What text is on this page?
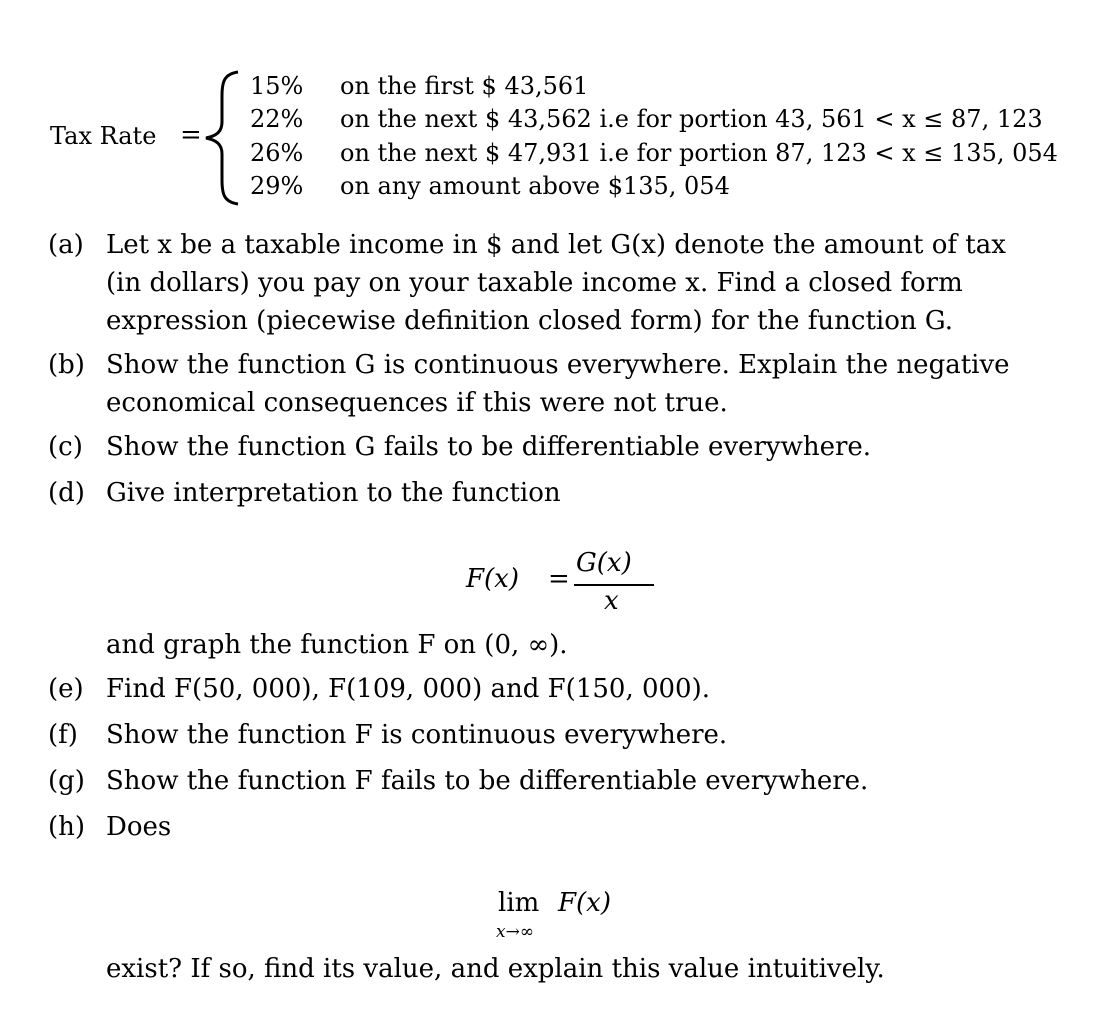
Tax Rate =
15% on the first $ 43,561
22% on the next $ 43,562 i.e for portion 43, 561 < x ≤ 87, 123
26% on the next $ 47,931 i.e for portion 87, 123 < x ≤ 135, 054
29% on any amount above $135, 054
(a) Let x be a taxable income in $ and let G(x) denote the amount of tax
(in dollars) you pay on your taxable income x. Find a closed form
expression (piecewise definition closed form) for the function G.
(b) Show the function G is continuous everywhere. Explain the negative
economical consequences if this were not true.
(c) Show the function G fails to be differentiable everywhere.
(d) Give interpretation to the function
F(x) =
G(x)
x
and graph the function F on (0, ∞).
(e) Find F(50, 000), F(109, 000) and F(150, 000).
(f) Show the function F is continuous everywhere.
(g) Show the function F fails to be differentiable everywhere.
(h) Does
lim
x→∞
F(x)
exist? If so, find its value, and explain this value intuitively.
